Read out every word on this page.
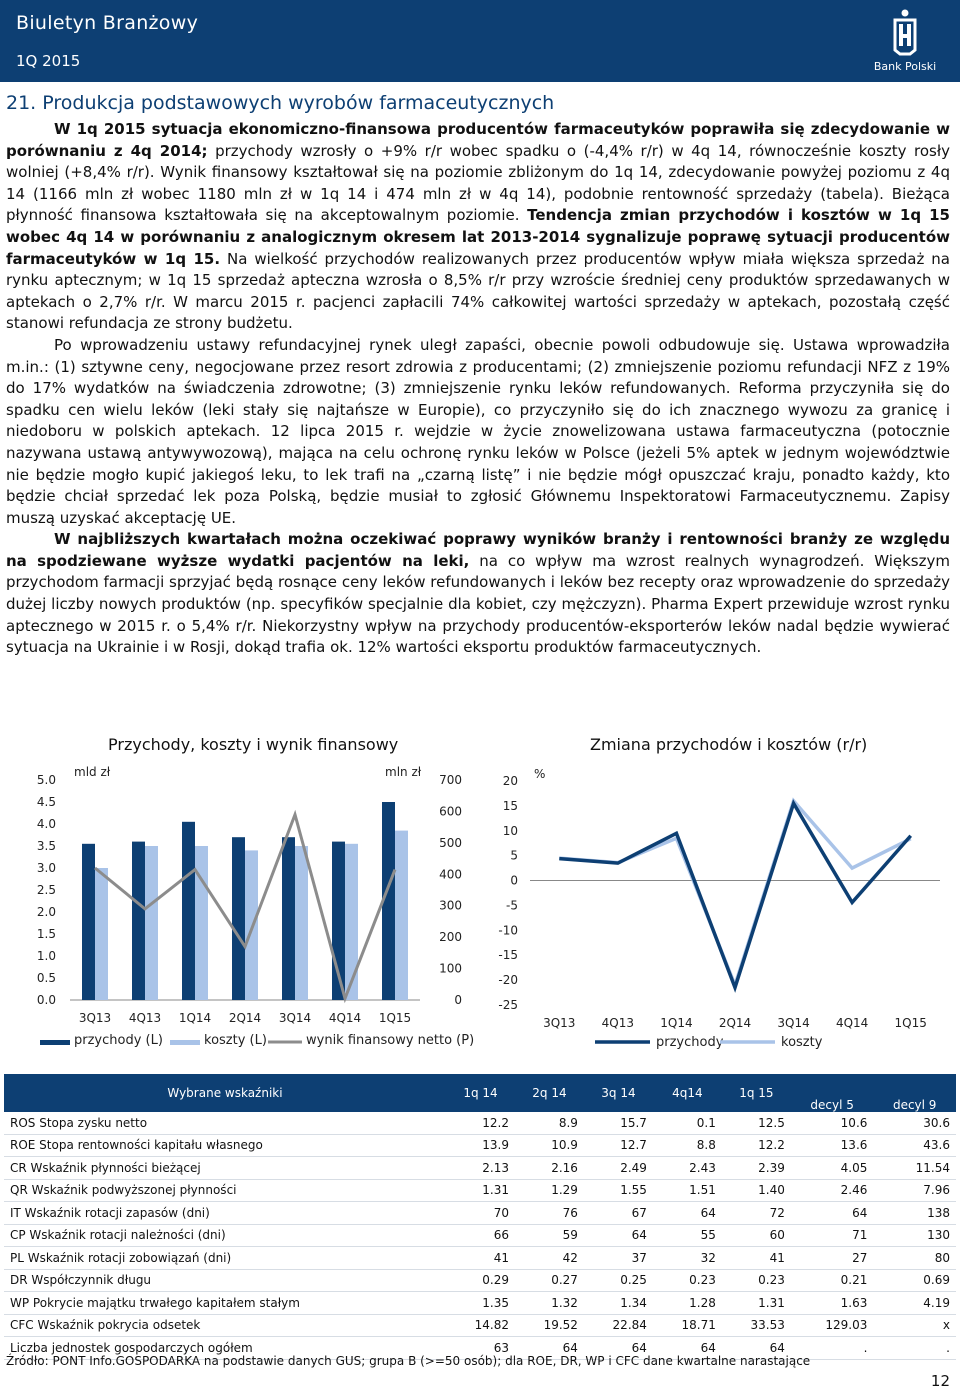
Biuletyn Branżowy
1Q 2015	Bank Polski
21. Produkcja podstawowych wyrobów farmaceutycznych

W 1q 2015 sytuacja ekonomiczno-finansowa producentów farmaceutyków poprawiła się zdecydowanie w porównaniu z 4q 2014; przychody wzrosły o +9% r/r wobec spadku o (-4,4% r/r) w 4q 14, równocześnie koszty rosły wolniej (+8,4% r/r). Wynik finansowy kształtował się na poziomie zbliżonym do 1q 14, zdecydowanie powyżej poziomu z 4q 14 (1166 mln zł wobec 1180 mln zł w 1q 14 i 474 mln zł w 4q 14), podobnie rentowność sprzedaży (tabela). Bieżąca płynność finansowa kształtowała się na akceptowalnym poziomie. Tendencja zmian przychodów i kosztów w 1q 15 wobec 4q 14 w porównaniu z analogicznym okresem lat 2013-2014 sygnalizuje poprawę sytuacji producentów farmaceutyków w 1q 15. Na wielkość przychodów realizowanych przez producentów wpływ miała większa sprzedaż na rynku aptecznym; w 1q 15 sprzedaż apteczna wzrosła o 8,5% r/r przy wzroście średniej ceny produktów sprzedawanych w aptekach o 2,7% r/r. W marcu 2015 r. pacjenci zapłacili 74% całkowitej wartości sprzedaży w aptekach, pozostałą część stanowi refundacja ze strony budżetu.

Po wprowadzeniu ustawy refundacyjnej rynek uległ zapaści, obecnie powoli odbudowuje się. Ustawa wprowadziła m.in.: (1) sztywne ceny, negocjowane przez resort zdrowia z producentami; (2) zmniejszenie poziomu refundacji NFZ z 19% do 17% wydatków na świadczenia zdrowotne; (3) zmniejszenie rynku leków refundowanych. Reforma przyczyniła się do spadku cen wielu leków (leki stały się najtańsze w Europie), co przyczyniło się do ich znacznego wywozu za granicę i niedoboru w polskich aptekach. 12 lipca 2015 r. wejdzie w życie znowelizowana ustawa farmaceutyczna (potocznie nazywana ustawą antywywozową), mająca na celu ochronę rynku leków w Polsce (jeżeli 5% aptek w jednym województwie nie będzie mogło kupić jakiegoś leku, to lek trafi na „czarną listę” i nie będzie mógł opuszczać kraju, ponadto każdy, kto będzie chciał sprzedać lek poza Polską, będzie musiał to zgłosić Głównemu Inspektoratowi Farmaceutycznemu. Zapisy muszą uzyskać akceptację UE.

W najbliższych kwartałach można oczekiwać poprawy wyników branży i rentowności branży ze względu na spodziewane wyższe wydatki pacjentów na leki, na co wpływ ma wzrost realnych wynagrodzeń. Większym przychodom farmacji sprzyjać będą rosnące ceny leków refundowanych i leków bez recepty oraz wprowadzenie do sprzedaży dużej liczby nowych produktów (np. specyfików specjalnie dla kobiet, czy mężczyzn). Pharma Expert przewiduje wzrost rynku aptecznego w 2015 r. o 5,4% r/r. Niekorzystny wpływ na przychody producentów-eksporterów leków nadal będzie wywierać sytuacja na Ukrainie i w Rosji, dokąd trafia ok. 12% wartości eksportu produktów farmaceutycznych.

Przychody, koszty i wynik finansowy
mld zł	mln zł
5.0
4.5
4.0
3.5
3.0
2.5
2.0
1.5
1.0
0.5
0.0
700
600
500
400
300
200
100
0
3Q13 4Q13 1Q14 2Q14 3Q14 4Q14 1Q15
przychody (L)	koszty (L)	wynik finansowy netto (P)
Zmiana przychodów i kosztów (r/r)
%
20
15
10
5
0
-5
-10
-15
-20
-25
3Q13 4Q13 1Q14 2Q14 3Q14 4Q14 1Q15
przychody	koszty
Wybrane wskaźniki	1q 14	2q 14	3q 14	4q14	1q 15	decyl 5	decyl 9
ROS Stopa zysku netto	12.2	8.9	15.7	0.1	12.5	10.6	30.6
ROE Stopa rentowności kapitału własnego	13.9	10.9	12.7	8.8	12.2	13.6	43.6
CR Wskaźnik płynności bieżącej	2.13	2.16	2.49	2.43	2.39	4.05	11.54
QR Wskaźnik podwyższonej płynności	1.31	1.29	1.55	1.51	1.40	2.46	7.96
IT Wskaźnik rotacji zapasów (dni)	70	76	67	64	72	64	138
CP Wskaźnik rotacji należności (dni)	66	59	64	55	60	71	130
PL Wskaźnik rotacji zobowiązań (dni)	41	42	37	32	41	27	80
DR Współczynnik długu	0.29	0.27	0.25	0.23	0.23	0.21	0.69
WP Pokrycie majątku trwałego kapitałem stałym	1.35	1.32	1.34	1.28	1.31	1.63	4.19
CFC Wskaźnik pokrycia odsetek	14.82	19.52	22.84	18.71	33.53	129.03	x
Liczba jednostek gospodarczych ogółem	63	64	64	64	64	.	.
Źródło: PONT Info.GOSPODARKA na podstawie danych GUS; grupa B (>=50 osób); dla ROE, DR, WP i CFC dane kwartalne narastające
12
